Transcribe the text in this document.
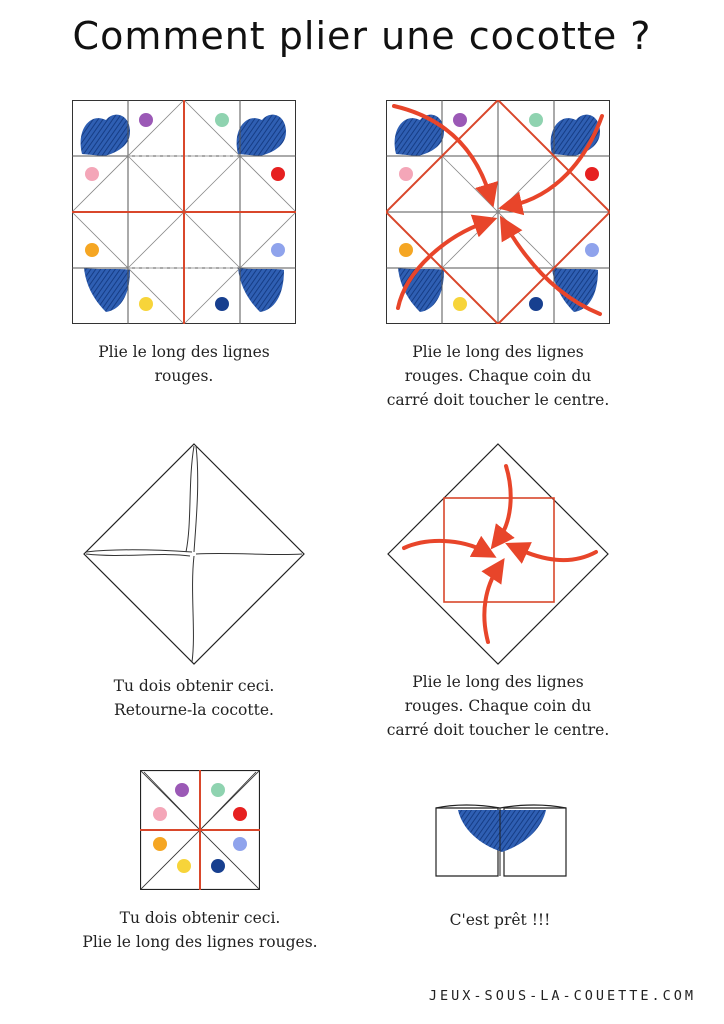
Comment plier une cocotte ?
Plie le long des lignes
rouges.
Plie le long des lignes
rouges. Chaque coin du
carré doit toucher le centre.
Tu dois obtenir ceci.
Retourne-la cocotte.
Plie le long des lignes
rouges. Chaque coin du
carré doit toucher le centre.
Tu dois obtenir ceci.
Plie le long des lignes rouges.
C'est prêt !!!
JEUX-SOUS-LA-COUETTE.COM
